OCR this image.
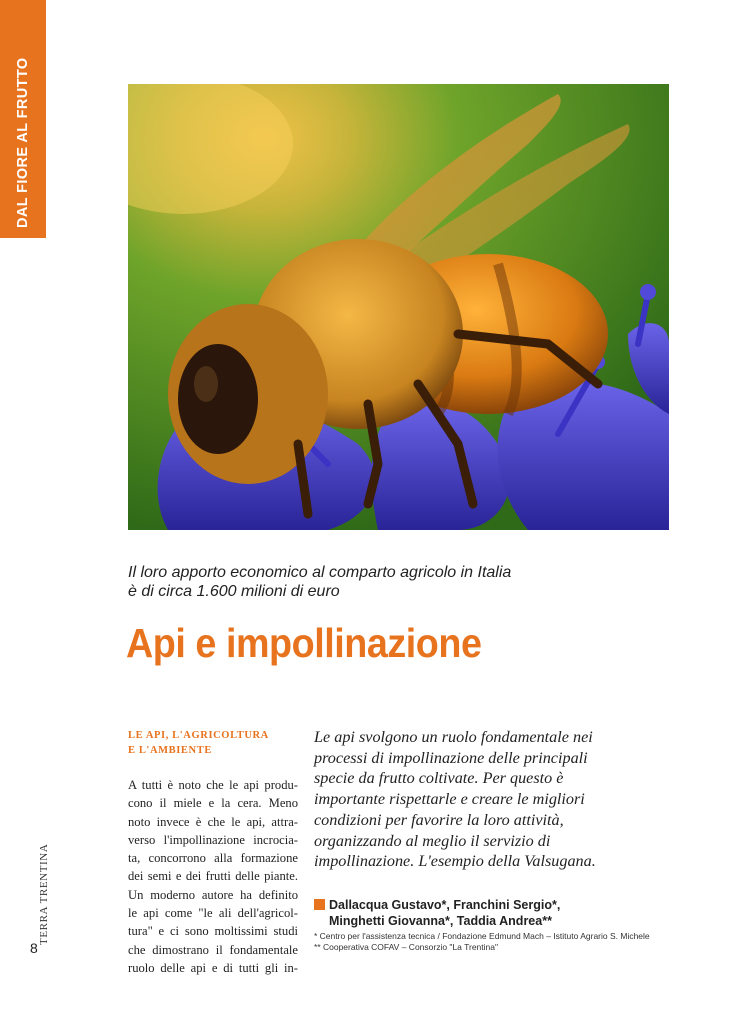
DAL FIORE AL FRUTTO
Il loro apporto economico al comparto agricolo in Italia
è di circa 1.600 milioni di euro
Api e impollinazione
LE API, L'AGRICOLTURA
E L'AMBIENTE
A tutti è noto che le api produ-
cono il miele e la cera. Meno
noto invece è che le api, attra-
verso l'impollinazione incrocia-
ta, concorrono alla formazione
dei semi e dei frutti delle piante.
Un moderno autore ha definito
le api come "le ali dell'agricol-
tura" e ci sono moltissimi studi
che dimostrano il fondamentale
ruolo delle api e di tutti gli in-
Le api svolgono un ruolo fondamentale nei
processi di impollinazione delle principali
specie da frutto coltivate. Per questo è
importante rispettarle e creare le migliori
condizioni per favorire la loro attività,
organizzando al meglio il servizio di
impollinazione. L'esempio della Valsugana.
Dallacqua Gustavo*, Franchini Sergio*,
Minghetti Giovanna*, Taddia Andrea**
* Centro per l'assistenza tecnica / Fondazione Edmund Mach – Istituto Agrario S. Michele
** Cooperativa COFAV – Consorzio "La Trentina"
TERRA TRENTINA
8
